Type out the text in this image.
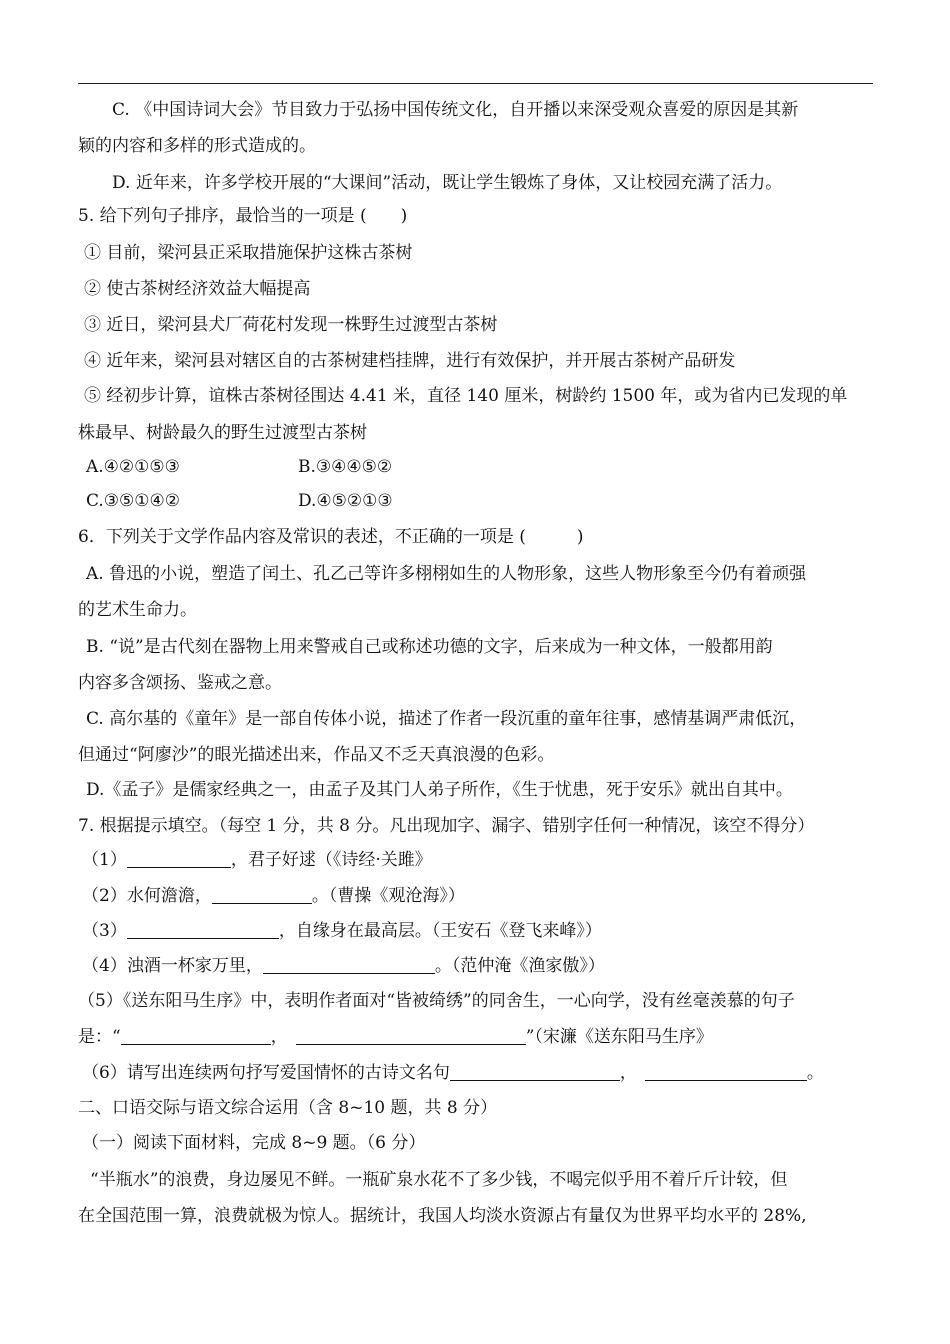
C. 《中国诗词大会》节目致力于弘扬中国传统文化，自开播以来深受观众喜爱的原因是其新
颖的内容和多样的形式造成的。
D. 近年来，许多学校开展的“大课间”活动，既让学生锻炼了身体，又让校园充满了活力。
5. 给下列句子排序，最恰当的一项是 (　　)
① 目前，梁河县正采取措施保护这株古茶树
② 使古茶树经济效益大幅提高
③ 近日，梁河县犬厂荷花村发现一株野生过渡型古茶树
④ 近年来，梁河县对辖区自的古茶树建档挂牌，进行有效保护，并开展古茶树产品研发
⑤ 经初步计算，谊株古茶树径围达 4.41 米，直径 140 厘米，树龄约 1500 年，或为省内已发现的单
株最早、树龄最久的野生过渡型古茶树
A.④②①⑤③	B.③④④⑤②
C.③⑤①④②	D.④⑤②①③
6．下列关于文学作品内容及常识的表述，不正确的一项是 (　　　)
A. 鲁迅的小说，塑造了闰土、孔乙己等许多栩栩如生的人物形象，这些人物形象至今仍有着顽强
的艺术生命力。
B. “说”是古代刻在器物上用来警戒自己或称述功德的文字，后来成为一种文体，一般都用韵
内容多含颂扬、鉴戒之意。
C. 高尔基的《童年》是一部自传体小说，描述了作者一段沉重的童年往事，感情基调严肃低沉，
但通过“阿廖沙”的眼光描述出来，作品又不乏天真浪漫的色彩。
D.《孟子》是儒家经典之一，由孟子及其门人弟子所作，《生于忧患，死于安乐》就出自其中。
7. 根据提示填空。（每空 1 分，共 8 分。凡出现加字、漏字、错别字任何一种情况，该空不得分）
（1）	，君子好逑（《诗经·关雎》
（2）水何澹澹，	。（曹操《观沧海》）
（3）	，自缘身在最高层。（王安石《登飞来峰》）
（4）浊酒一杯家万里，	。（范仲淹《渔家傲》）
（5）《送东阳马生序》中，表明作者面对“皆被绮绣”的同舍生，一心向学，没有丝毫羡慕的句子
是：“	，	”（宋濂《送东阳马生序》
（6）请写出连续两句抒写爱国情怀的古诗文名句	，	。
二、口语交际与语文综合运用（含 8~10 题，共 8 分）
（一）阅读下面材料，完成 8~9 题。（6 分）
“半瓶水”的浪费，身边屡见不鲜。一瓶矿泉水花不了多少钱，不喝完似乎用不着斤斤计较，但
在全国范围一算，浪费就极为惊人。据统计，我国人均淡水资源占有量仅为世界平均水平的 28%,
